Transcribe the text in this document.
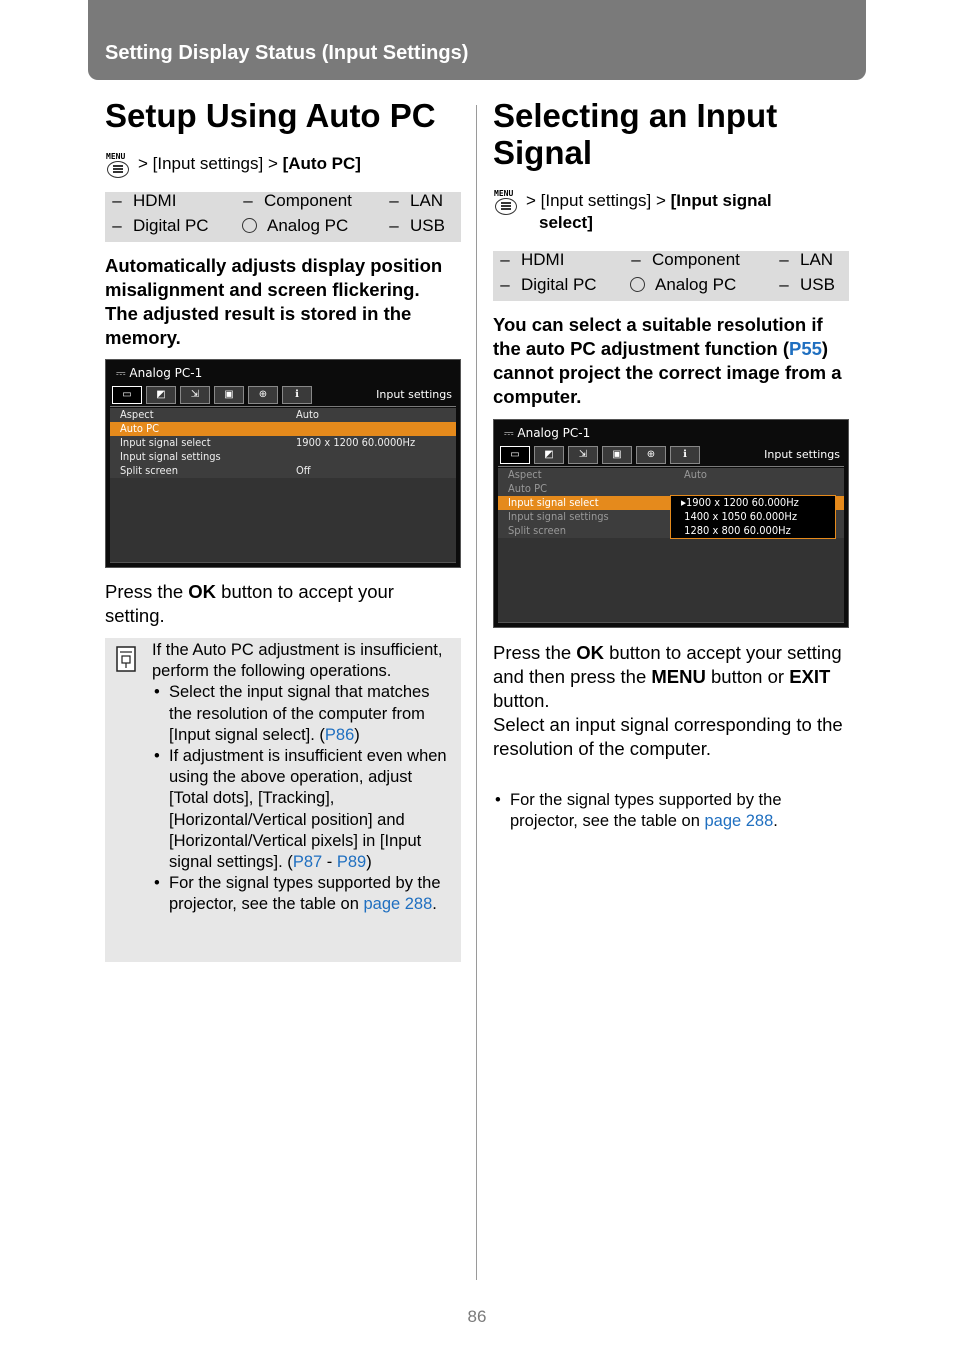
Setting Display Status (Input Settings)
Setup Using Auto PC
MENU > [Input settings] > [Auto PC]
– HDMI	– Component – LAN
– Digital PC	Analog PC – USB
Automatically adjusts display position misalignment and screen flickering. The adjusted result is stored in the memory.
⎓ Analog PC-1
▭	◩	⇲	▣	⊕	ℹ	Input settings
Aspect	Auto
Auto PC
Input signal select	1900 x 1200 60.0000Hz
Input signal settings
Split screen	Off
Press the OK button to accept your setting.
If the Auto PC adjustment is insufficient, perform the following operations.
• Select the input signal that matches the resolution of the computer from [Input signal select]. (P86)
• If adjustment is insufficient even when using the above operation, adjust [Total dots], [Tracking], [Horizontal/Vertical position] and [Horizontal/Vertical pixels] in [Input signal settings]. (P87 - P89)
• For the signal types supported by the projector, see the table on page 288.
Selecting an Input
Signal
MENU > [Input settings] > [Input signal
select]
– HDMI	– Component – LAN
– Digital PC	Analog PC	– USB
You can select a suitable resolution if the auto PC adjustment function (P55) cannot project the correct image from a computer.
⎓ Analog PC-1
▭	◩	⇲	▣	⊕	ℹ	Input settings
Aspect	Auto
Auto PC
Input signal select
Input signal settings
Split screen
▸1900 x 1200 60.000Hz
1400 x 1050 60.000Hz
1280 x 800 60.000Hz
Press the OK button to accept your setting and then press the MENU button or EXIT button.
Select an input signal corresponding to the resolution of the computer.
• For the signal types supported by the projector, see the table on page 288.
86
